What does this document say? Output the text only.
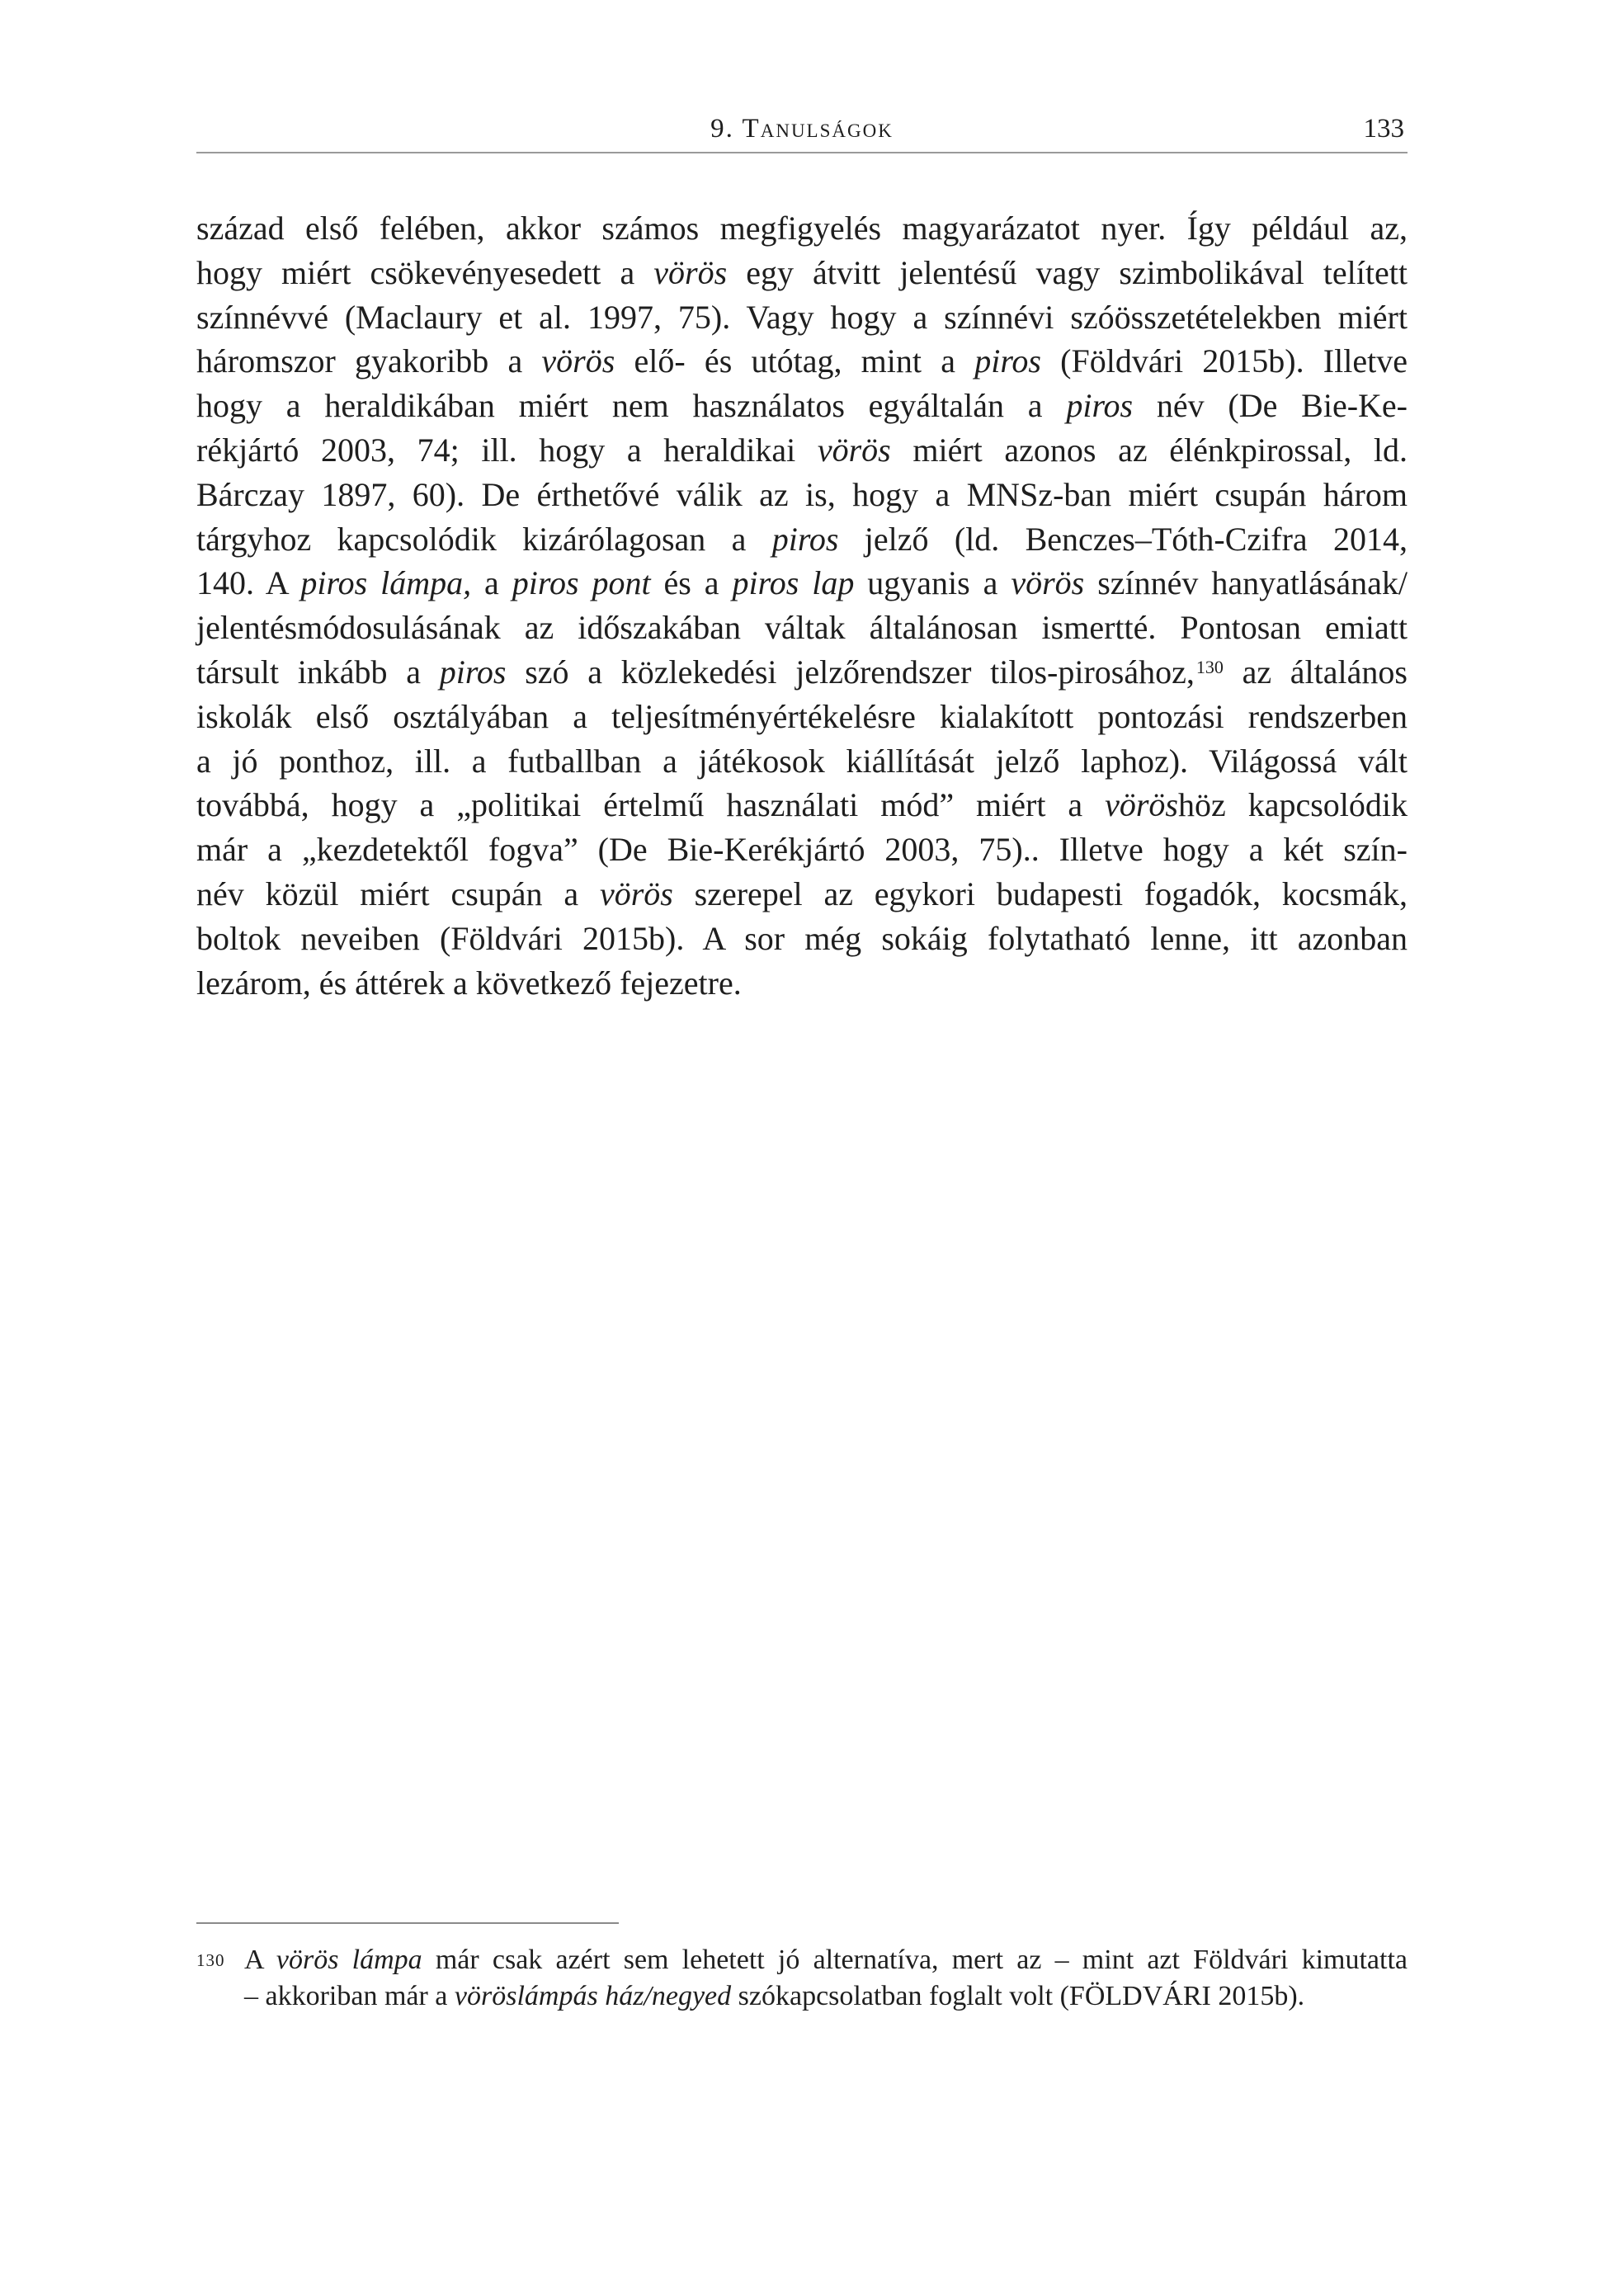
9. Tanulságok	133
század első felében, akkor számos megfigyelés magyarázatot nyer. Így például az,
hogy miért csökevényesedett a vörös egy átvitt jelentésű vagy szimbolikával telített
színnévvé (Maclaury et al. 1997, 75). Vagy hogy a színnévi szóösszetételekben miért
háromszor gyakoribb a vörös elő- és utótag, mint a piros (Földvári 2015b). Illetve
hogy a heraldikában miért nem használatos egyáltalán a piros név (De Bie-Ke-
rékjártó 2003, 74; ill. hogy a heraldikai vörös miért azonos az élénkpirossal, ld.
Bárczay 1897, 60). De érthetővé válik az is, hogy a MNSz-ban miért csupán három
tárgyhoz kapcsolódik kizárólagosan a piros jelző (ld. Benczes–Tóth-Czifra 2014,
140. A piros lámpa, a piros pont és a piros lap ugyanis a vörös színnév hanyatlásának/
jelentésmódosulásának az időszakában váltak általánosan ismertté. Pontosan emiatt
társult inkább a piros szó a közlekedési jelzőrendszer tilos-pirosához,$^{130}$ az általános
iskolák első osztályában a teljesítményértékelésre kialakított pontozási rendszerben
a jó ponthoz, ill. a futballban a játékosok kiállítását jelző laphoz). Világossá vált
továbbá, hogy a „politikai értelmű használati mód” miért a vöröshöz kapcsolódik
már a „kezdetektől fogva” (De Bie-Kerékjártó 2003, 75).. Illetve hogy a két szín-
név közül miért csupán a vörös szerepel az egykori budapesti fogadók, kocsmák,
boltok neveiben (Földvári 2015b). A sor még sokáig folytatható lenne, itt azonban
lezárom, és áttérek a következő fejezetre.
130 A vörös lámpa már csak azért sem lehetett jó alternatíva, mert az – mint azt Földvári kimutatta
– akkoriban már a vöröslámpás ház/negyed szókapcsolatban foglalt volt (FÖLDVÁRI 2015b).
